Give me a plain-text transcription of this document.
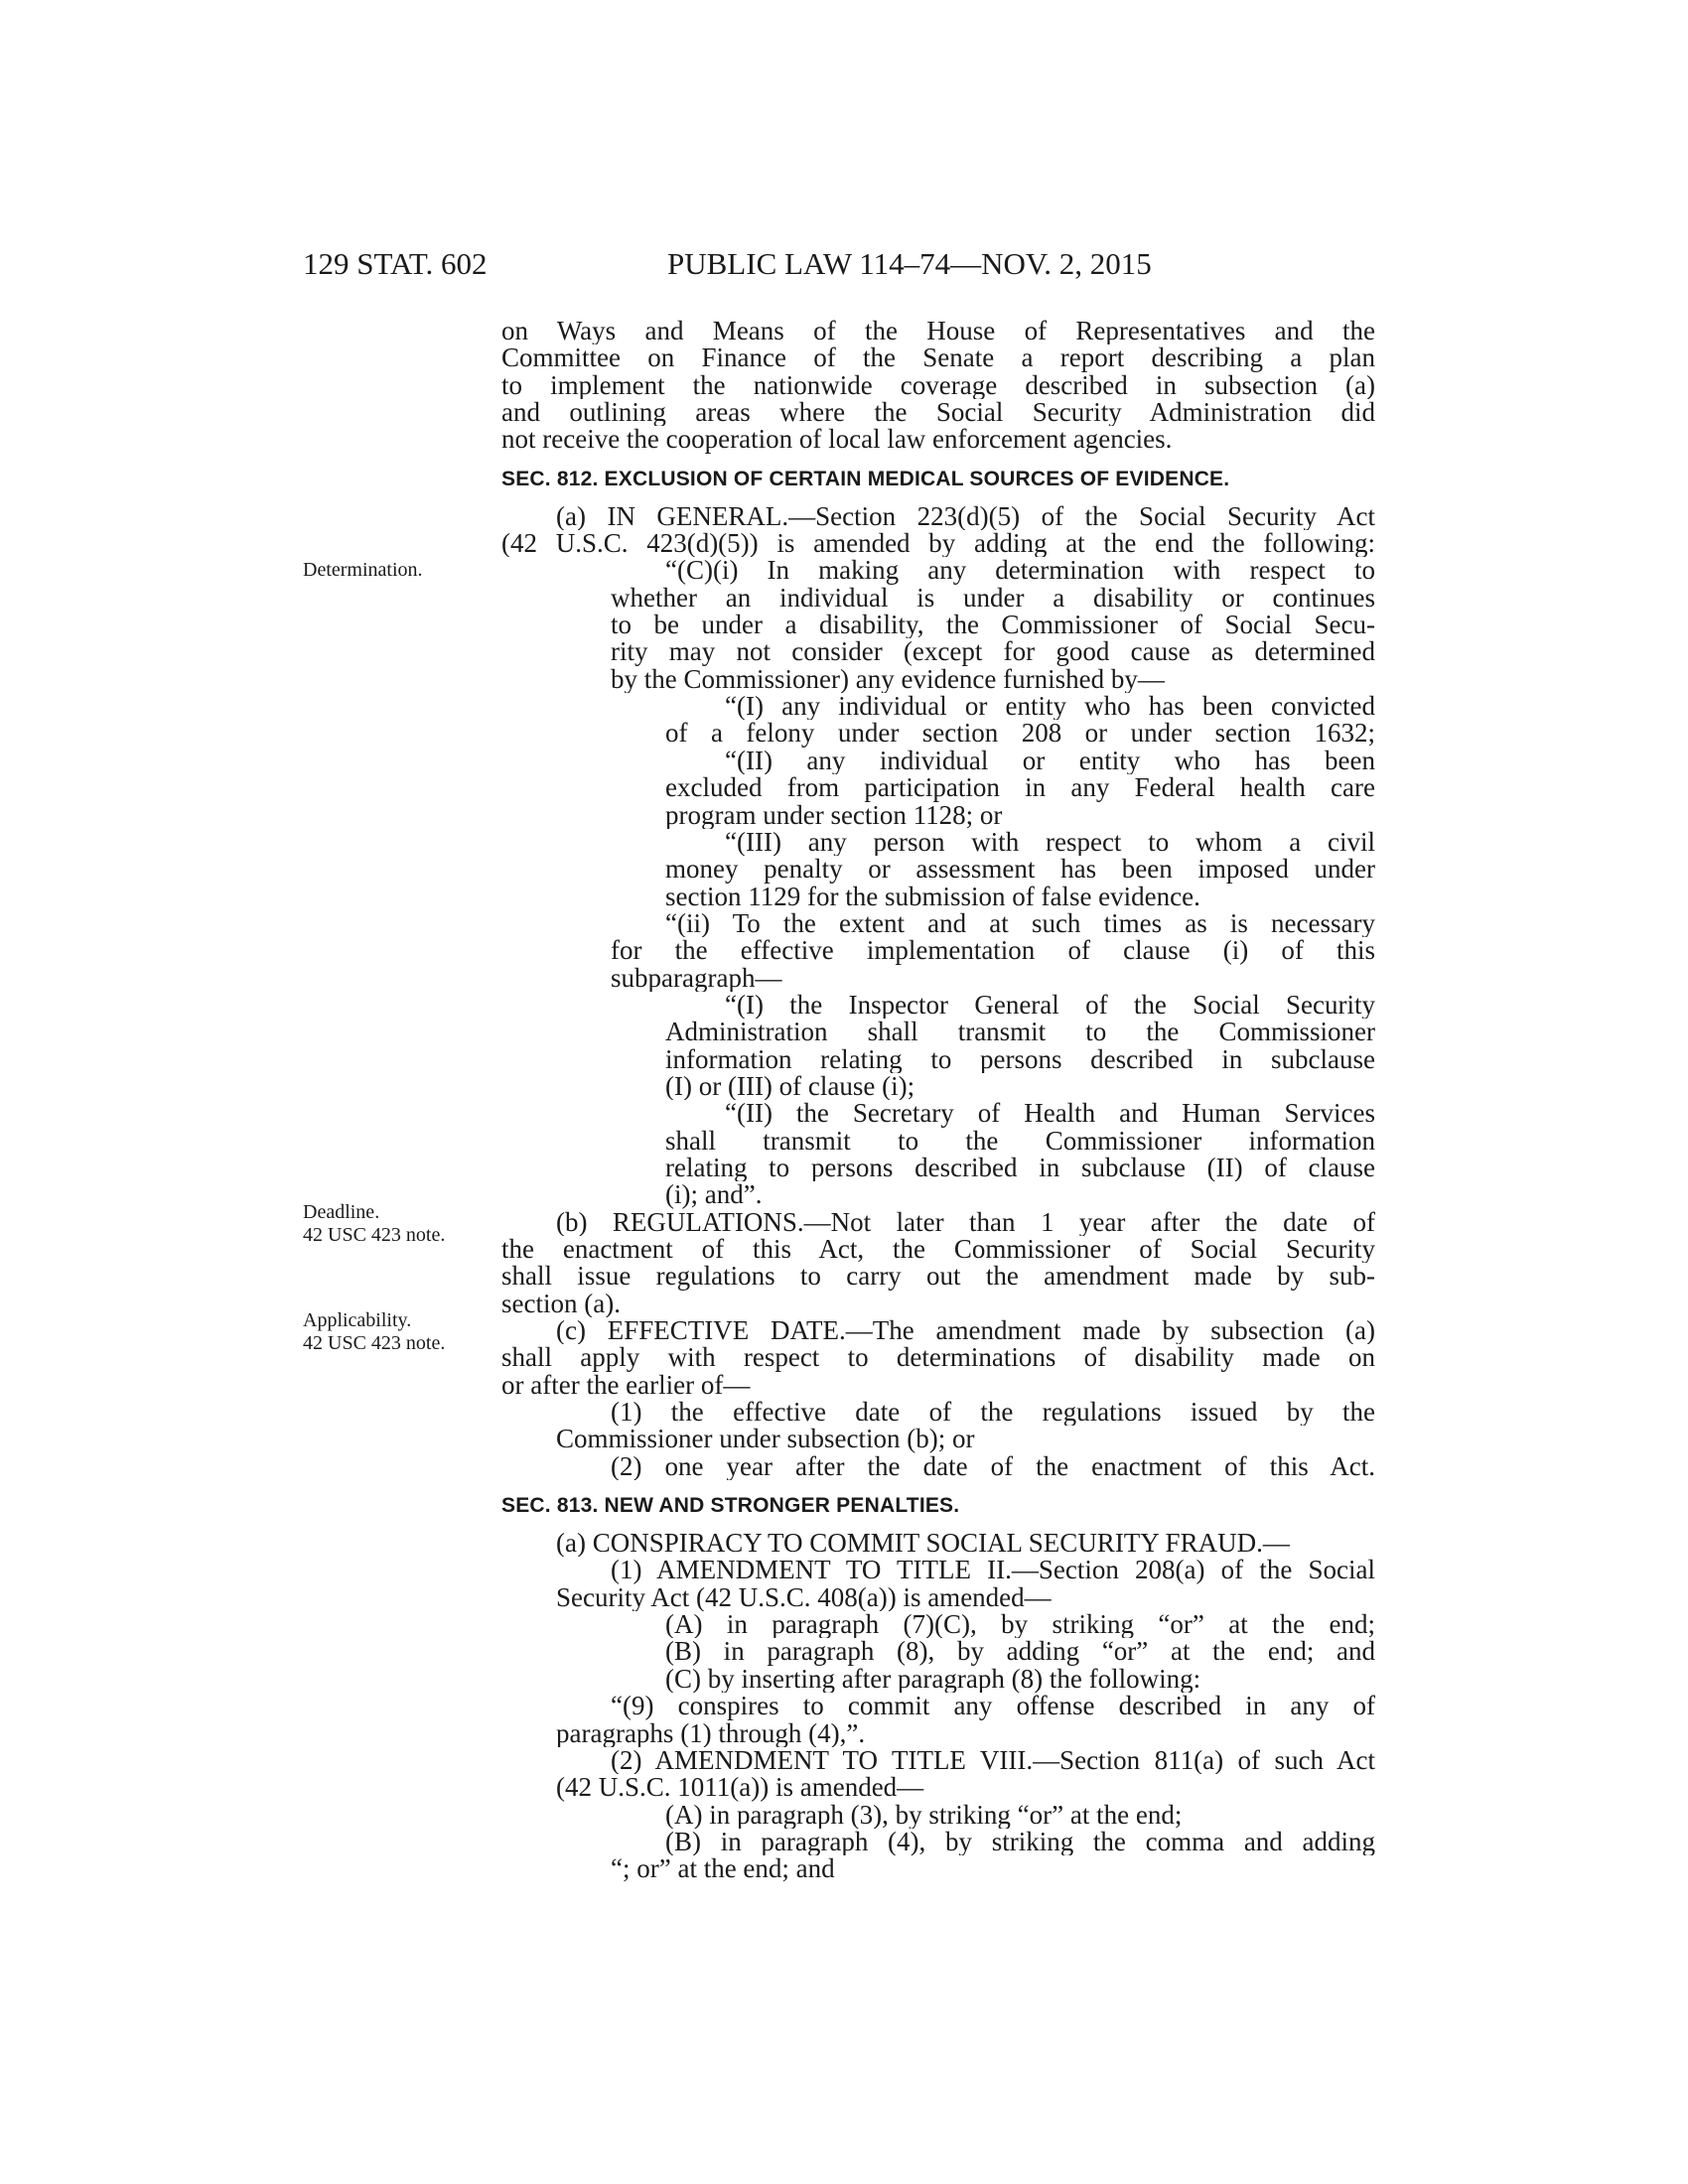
129 STAT. 602	PUBLIC LAW 114–74—NOV. 2, 2015
Determination.
Deadline.
42 USC 423 note.
Applicability.
42 USC 423 note.
on Ways and Means of the House of Representatives and the
Committee on Finance of the Senate a report describing a plan
to implement the nationwide coverage described in subsection (a)
and outlining areas where the Social Security Administration did
not receive the cooperation of local law enforcement agencies.
SEC. 812. EXCLUSION OF CERTAIN MEDICAL SOURCES OF EVIDENCE.
(a) IN GENERAL.—Section 223(d)(5) of the Social Security Act
(42 U.S.C. 423(d)(5)) is amended by adding at the end the following:
“(C)(i) In making any determination with respect to
whether an individual is under a disability or continues
to be under a disability, the Commissioner of Social Secu-
rity may not consider (except for good cause as determined
by the Commissioner) any evidence furnished by—
“(I) any individual or entity who has been convicted
of a felony under section 208 or under section 1632;
“(II) any individual or entity who has been
excluded from participation in any Federal health care
program under section 1128; or
“(III) any person with respect to whom a civil
money penalty or assessment has been imposed under
section 1129 for the submission of false evidence.
“(ii) To the extent and at such times as is necessary
for the effective implementation of clause (i) of this
subparagraph—
“(I) the Inspector General of the Social Security
Administration shall transmit to the Commissioner
information relating to persons described in subclause
(I) or (III) of clause (i);
“(II) the Secretary of Health and Human Services
shall transmit to the Commissioner information
relating to persons described in subclause (II) of clause
(i); and”.
(b) REGULATIONS.—Not later than 1 year after the date of
the enactment of this Act, the Commissioner of Social Security
shall issue regulations to carry out the amendment made by sub-
section (a).
(c) EFFECTIVE DATE.—The amendment made by subsection (a)
shall apply with respect to determinations of disability made on
or after the earlier of—
(1) the effective date of the regulations issued by the
Commissioner under subsection (b); or
(2) one year after the date of the enactment of this Act.
SEC. 813. NEW AND STRONGER PENALTIES.
(a) CONSPIRACY TO COMMIT SOCIAL SECURITY FRAUD.—
(1) AMENDMENT TO TITLE II.—Section 208(a) of the Social
Security Act (42 U.S.C. 408(a)) is amended—
(A) in paragraph (7)(C), by striking “or” at the end;
(B) in paragraph (8), by adding “or” at the end; and
(C) by inserting after paragraph (8) the following:
“(9) conspires to commit any offense described in any of
paragraphs (1) through (4),”.
(2) AMENDMENT TO TITLE VIII.—Section 811(a) of such Act
(42 U.S.C. 1011(a)) is amended—
(A) in paragraph (3), by striking “or” at the end;
(B) in paragraph (4), by striking the comma and adding
“; or” at the end; and
